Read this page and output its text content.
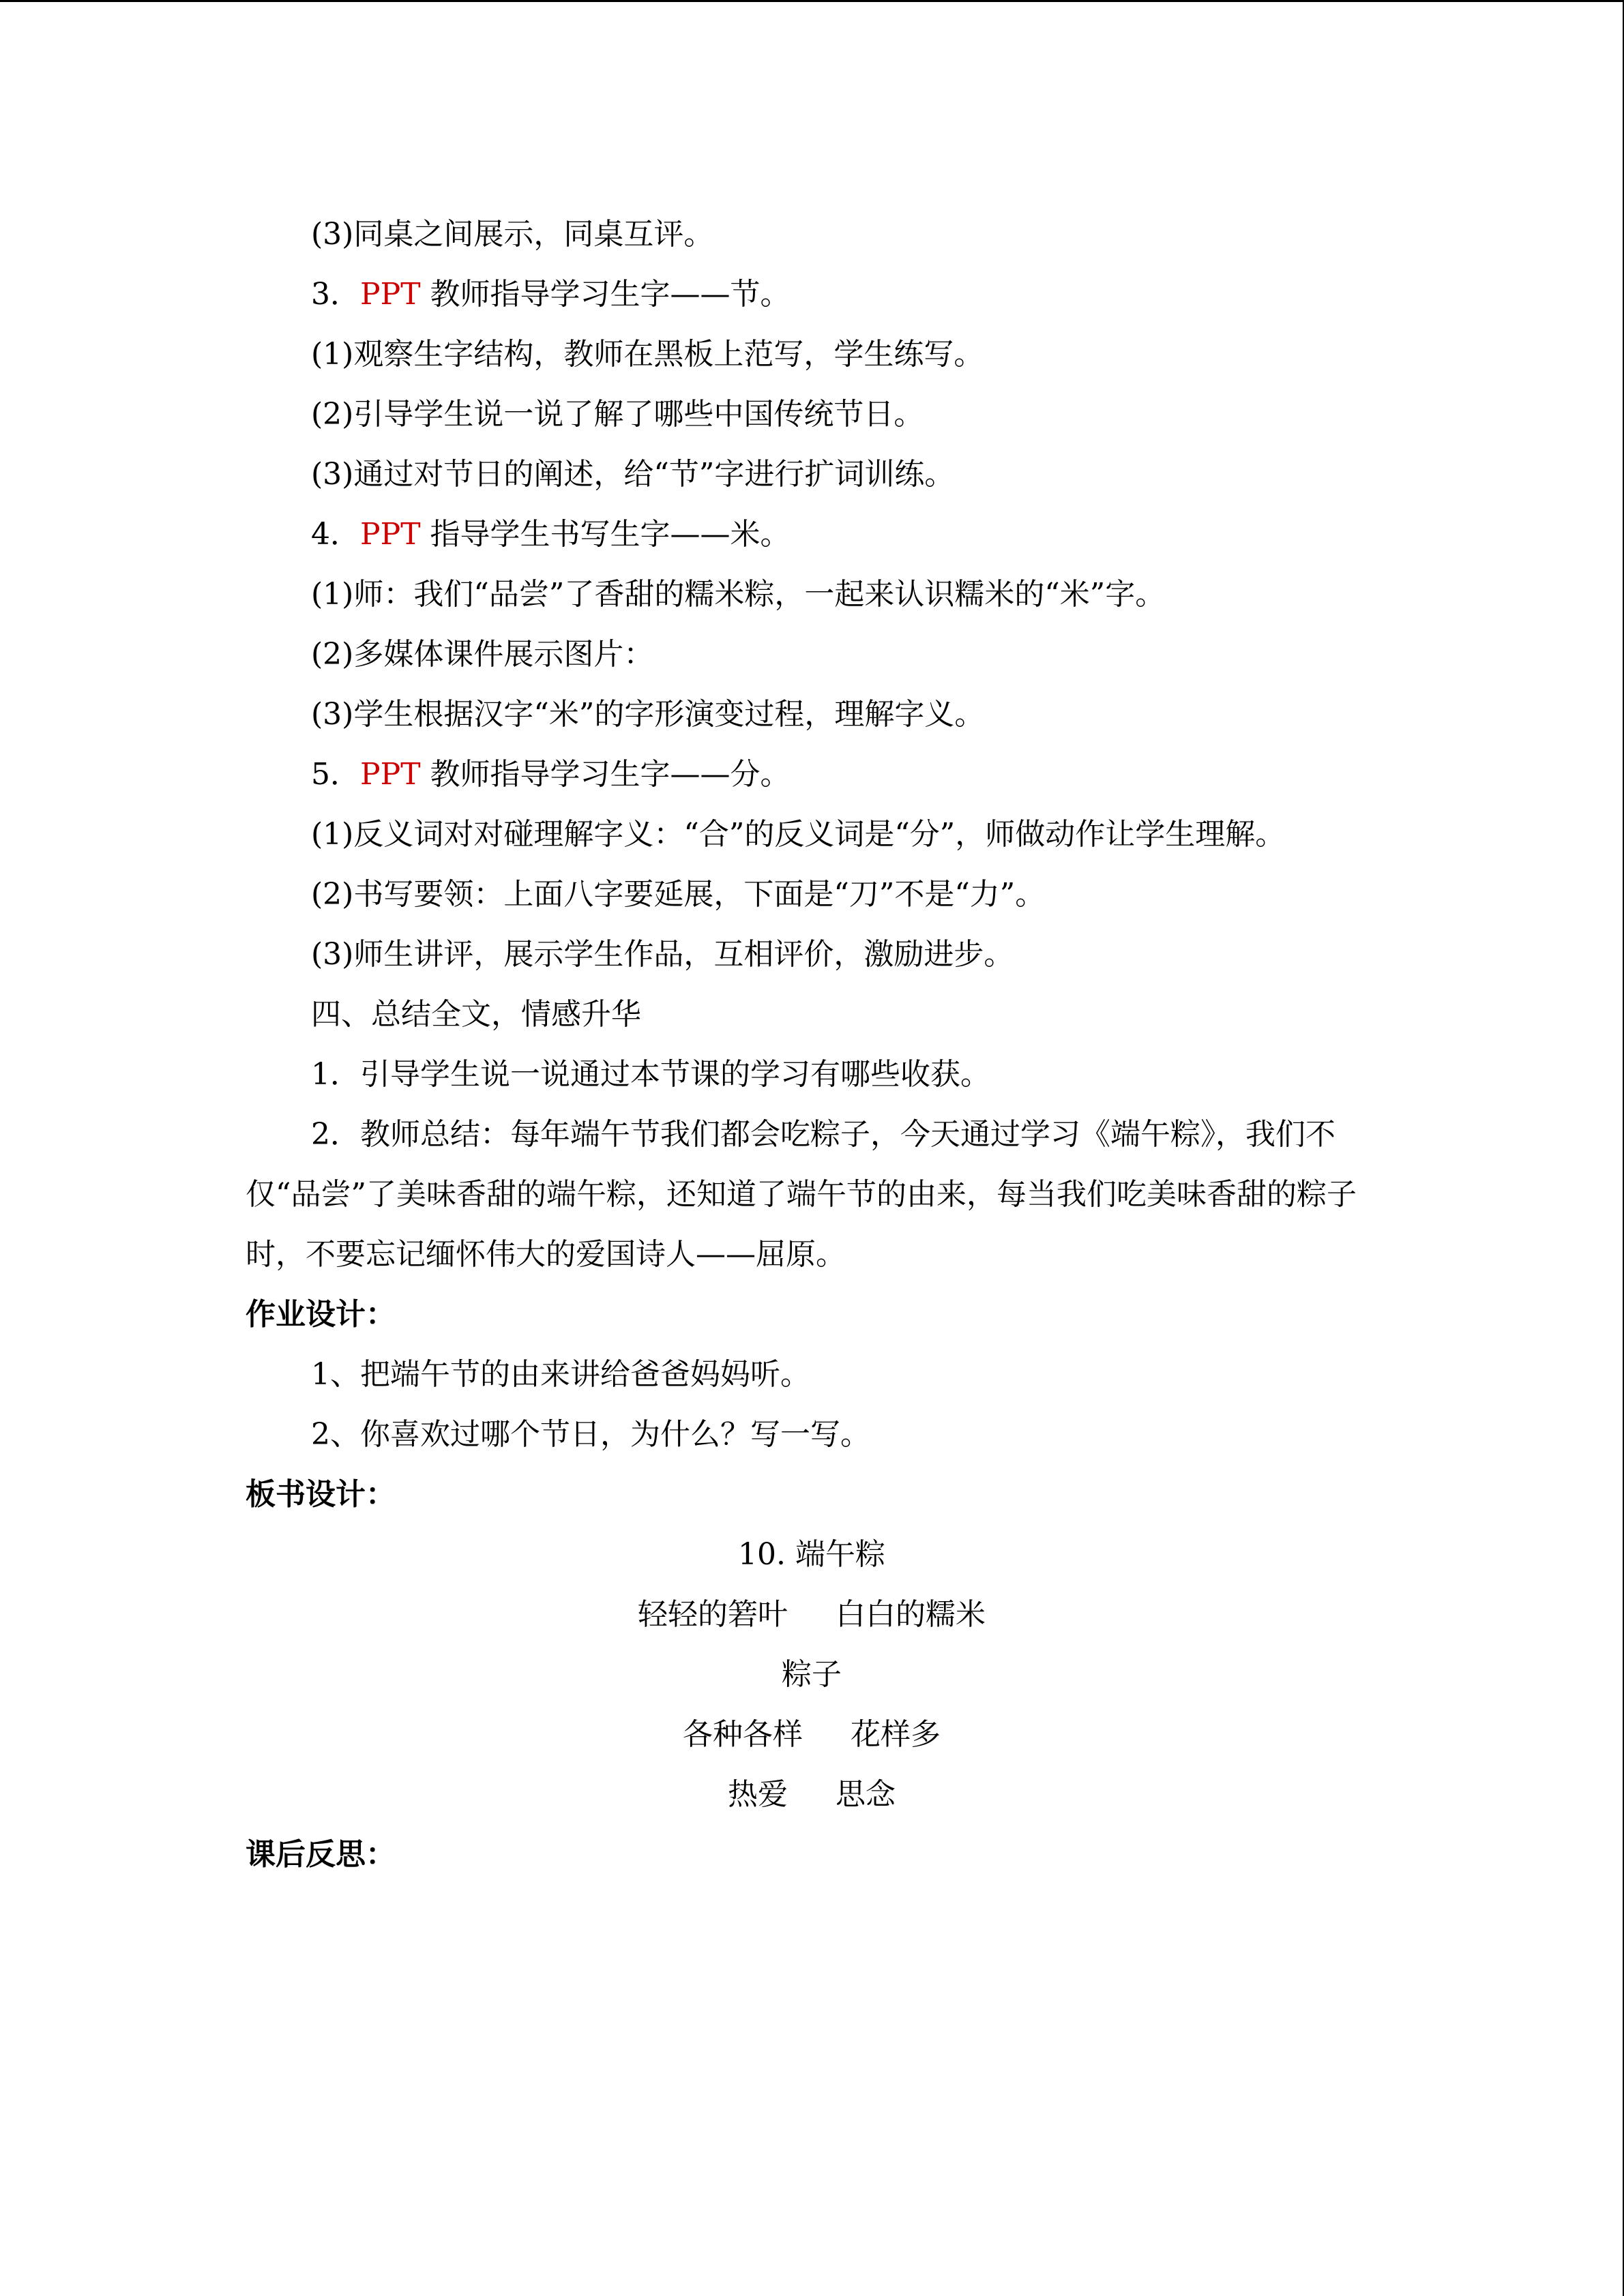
(3)同桌之间展示，同桌互评。
3．PPT 教师指导学习生字——节。
(1)观察生字结构，教师在黑板上范写，学生练写。
(2)引导学生说一说了解了哪些中国传统节日。
(3)通过对节日的阐述，给“节”字进行扩词训练。
4．PPT 指导学生书写生字——米。
(1)师：我们“品尝”了香甜的糯米粽，一起来认识糯米的“米”字。
(2)多媒体课件展示图片：
(3)学生根据汉字“米”的字形演变过程，理解字义。
5．PPT 教师指导学习生字——分。
(1)反义词对对碰理解字义：“合”的反义词是“分”，师做动作让学生理解。
(2)书写要领：上面八字要延展，下面是“刀”不是“力”。
(3)师生讲评，展示学生作品，互相评价，激励进步。
四、总结全文，情感升华
1．引导学生说一说通过本节课的学习有哪些收获。
2．教师总结：每年端午节我们都会吃粽子，今天通过学习《端午粽》，我们不仅“品尝”了美味香甜的端午粽，还知道了端午节的由来，每当我们吃美味香甜的粽子时，不要忘记缅怀伟大的爱国诗人——屈原。
作业设计：
1、把端午节的由来讲给爸爸妈妈听。
2、你喜欢过哪个节日，为什么？写一写。
板书设计：
10. 端午粽
轻轻的箬叶 白白的糯米
粽子
各种各样 花样多
热爱 思念
课后反思：
